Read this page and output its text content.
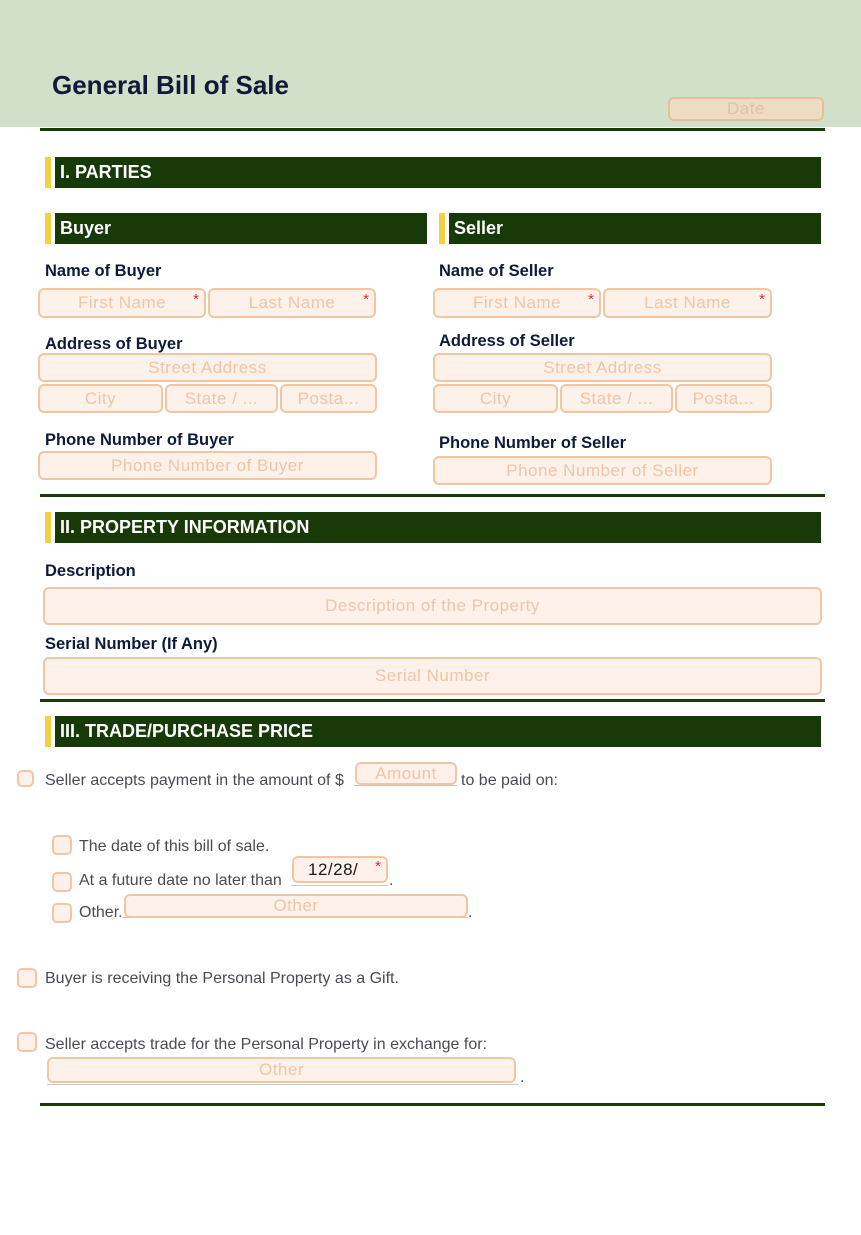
General Bill of Sale
Date
I. PARTIES
Buyer	Seller
Name of Buyer
First Name *	Last Name *
Address of Buyer
Street Address
City	State / ...	Posta...
Phone Number of Buyer
Phone Number of Buyer
Name of Seller
First Name *	Last Name *
Address of Seller
Street Address
City	State / ...	Posta...
Phone Number of Seller
Phone Number of Seller
II. PROPERTY INFORMATION
Description
Description of the Property
Serial Number (If Any)
Serial Number
III. TRADE/PURCHASE PRICE
Seller accepts payment in the amount of $	Amount	to be paid on:
The date of this bill of sale.
At a future date no later than
12/28/ *
.
Other.	Other	.
Buyer is receiving the Personal Property as a Gift.
Seller accepts trade for the Personal Property in exchange for:
Other	.
